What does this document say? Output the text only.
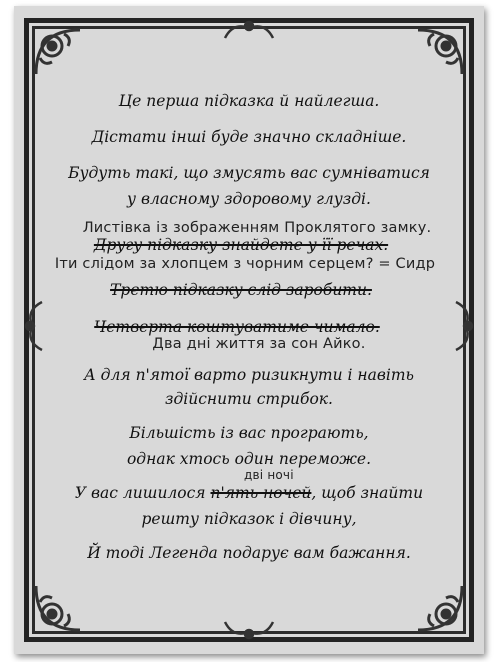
Це перша підказка й найлегша.
Дістати інші буде значно складніше.
Будуть такі, що змусять вас сумніватися
у власному здоровому глузді.
Листівка із зображенням Проклятого замку.
Другу підказку знайдете у її речах.
Іти слідом за хлопцем з чорним серцем? = Сидр
Третю підказку слід заробити.
Четверта коштуватиме чимало.
Два дні життя за сон Айко.
А для п'ятої варто ризикнути і навіть
здійснити стрибок.
Більшість із вас програють,
однак хтось один переможе.
дві ночі
У вас лишилося п'ять ночей, щоб знайти
решту підказок і дівчину,
Й тоді Легенда подарує вам бажання.
